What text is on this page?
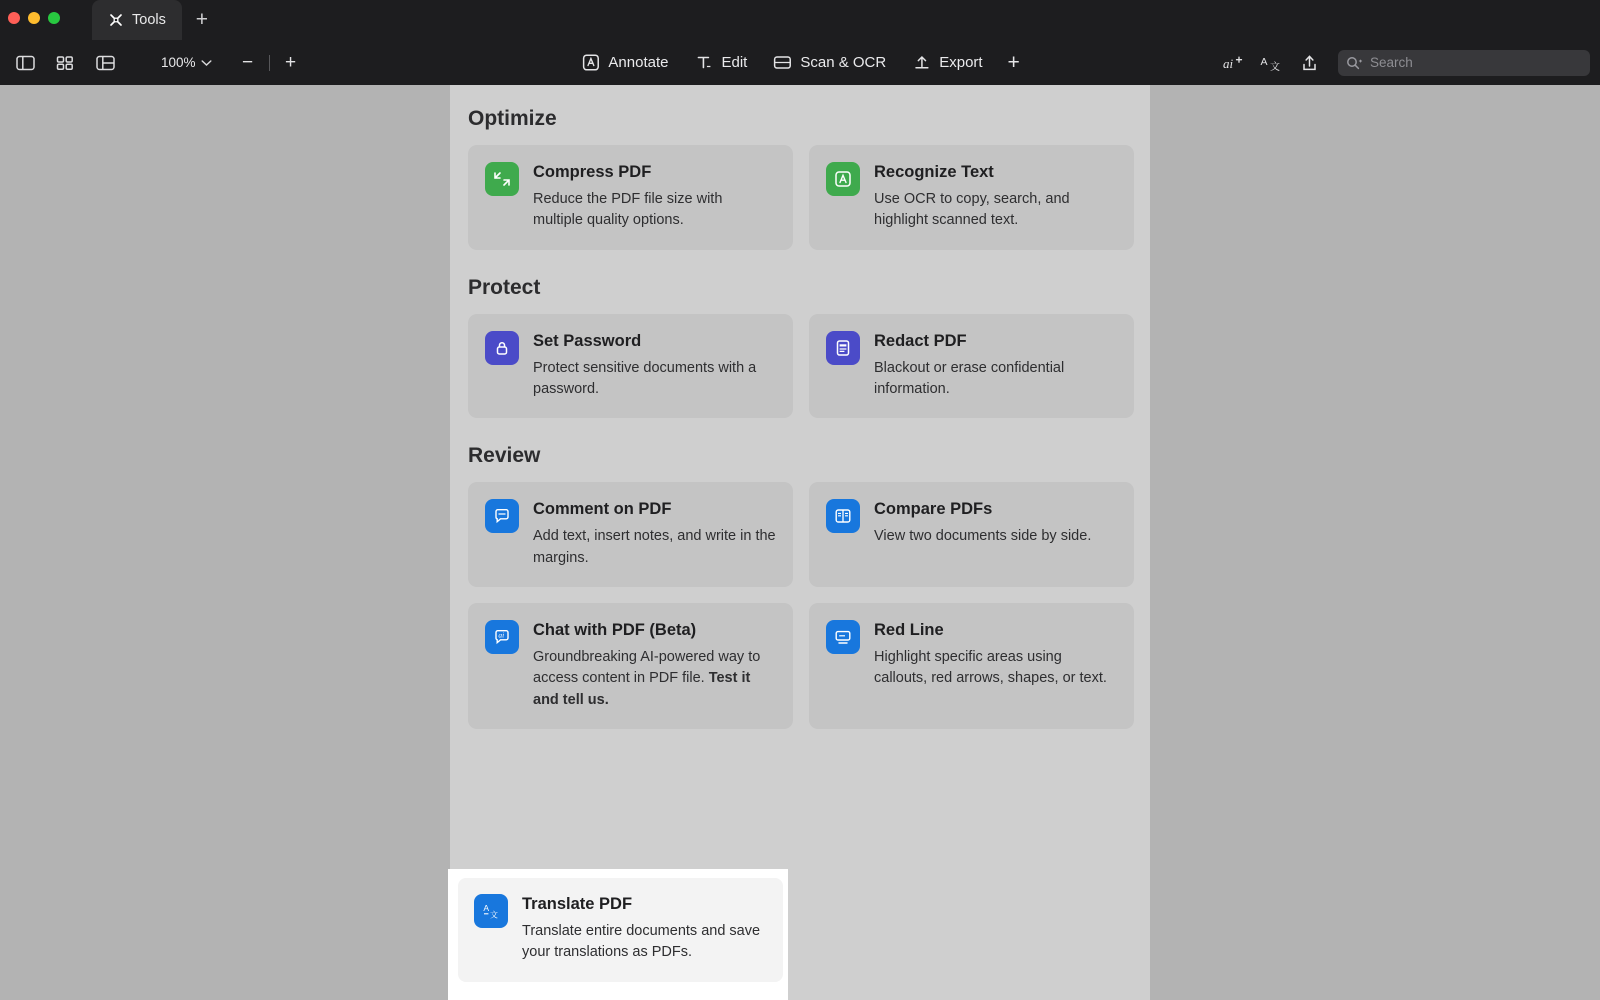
Tools	+
100%	−	+	Annotate	Edit	Scan & OCR	Export	+	ai	A 文
Search
Optimize
Compress PDF
Reduce the PDF file size with multiple quality options.
Recognize Text
Use OCR to copy, search, and highlight scanned text.
Protect
Set Password
Protect sensitive documents with a password.
Redact PDF
Blackout or erase confidential information.
Review
Comment on PDF
Add text, insert notes, and write in the margins.
Compare PDFs
View two documents side by side.
ai Chat with PDF (Beta)
Groundbreaking AI-powered way to access content in PDF file. Test it and tell us.
Red Line
Highlight specific areas using callouts, red arrows, shapes, or text.
A
文
Translate PDF
Translate entire documents and save your translations as PDFs.
